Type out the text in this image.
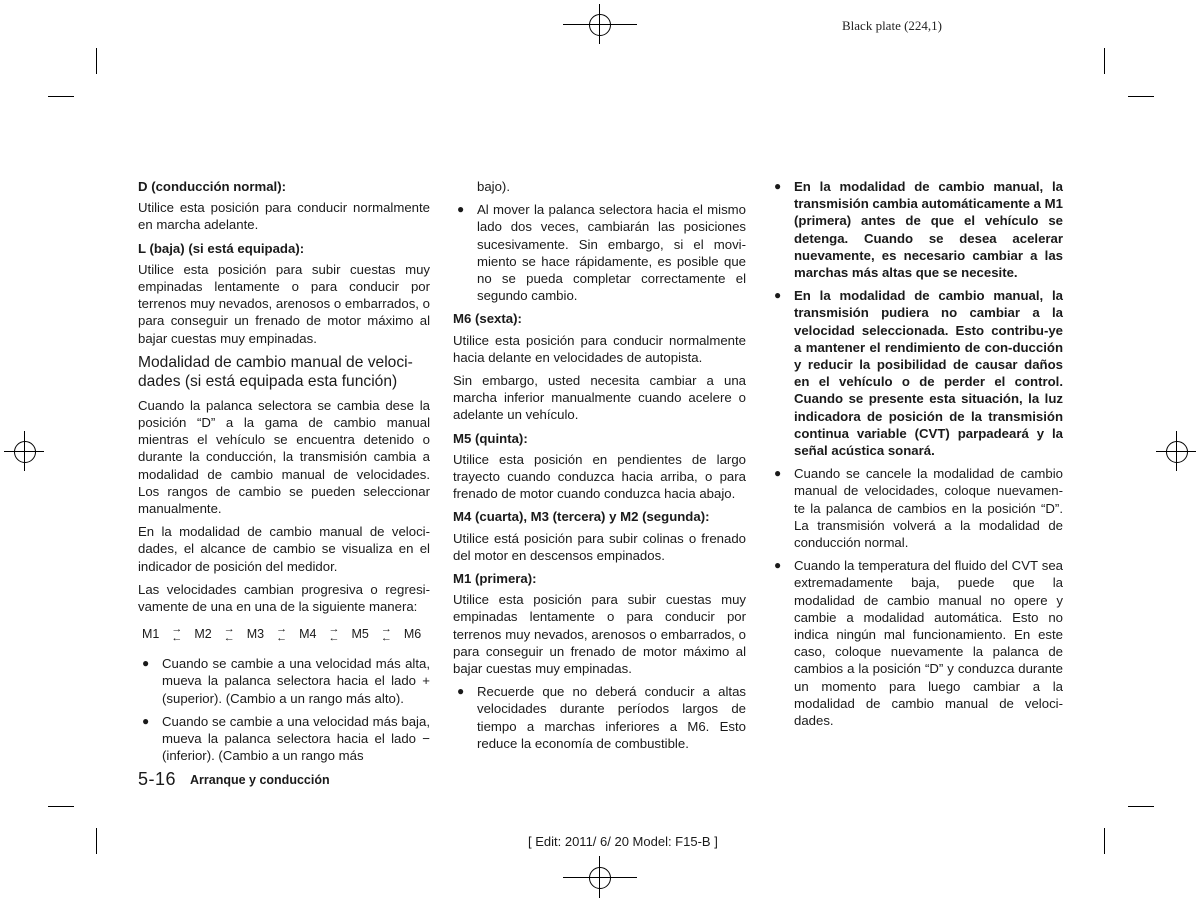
Black plate (224,1)
D (conducción normal):

Utilice esta posición para conducir normalmente en marcha adelante.

L (baja) (si está equipada):

Utilice esta posición para subir cuestas muy empinadas lentamente o para conducir por terrenos muy nevados, arenosos o embarrados, o para conseguir un frenado de motor máximo al bajar cuestas muy empinadas.

Modalidad de cambio manual de veloci-dades (si está equipada esta función)

Cuando la palanca selectora se cambia dese la posición “D” a la gama de cambio manual mientras el vehículo se encuentra detenido o durante la conducción, la transmisión cambia a modalidad de cambio manual de velocidades. Los rangos de cambio se pueden seleccionar manualmente.

En la modalidad de cambio manual de veloci-dades, el alcance de cambio se visualiza en el indicador de posición del medidor.

Las velocidades cambian progresiva o regresi-vamente de una en una de la siguiente manera:

M1 →
← M2 →
← M3 →
← M4 →
← M5 →
← M6
● Cuando se cambie a una velocidad más alta, mueva la palanca selectora hacia el lado + (superior). (Cambio a un rango más alto).
● Cuando se cambie a una velocidad más baja, mueva la palanca selectora hacia el lado − (inferior). (Cambio a un rango más

bajo).

● Al mover la palanca selectora hacia el mismo lado dos veces, cambiarán las posiciones sucesivamente. Sin embargo, si el movi-miento se hace rápidamente, es posible que no se pueda completar correctamente el segundo cambio.
M6 (sexta):

Utilice esta posición para conducir normalmente hacia delante en velocidades de autopista.

Sin embargo, usted necesita cambiar a una marcha inferior manualmente cuando acelere o adelante un vehículo.

M5 (quinta):

Utilice esta posición en pendientes de largo trayecto cuando conduzca hacia arriba, o para frenado de motor cuando conduzca hacia abajo.

M4 (cuarta), M3 (tercera) y M2 (segunda):

Utilice está posición para subir colinas o frenado del motor en descensos empinados.

M1 (primera):

Utilice esta posición para subir cuestas muy empinadas lentamente o para conducir por terrenos muy nevados, arenosos o embarrados, o para conseguir un frenado de motor máximo al bajar cuestas muy empinadas.

● Recuerde que no deberá conducir a altas velocidades durante períodos largos de tiempo a marchas inferiores a M6. Esto reduce la economía de combustible.
● En la modalidad de cambio manual, la transmisión cambia automáticamente a M1 (primera) antes de que el vehículo se detenga. Cuando se desea acelerar nuevamente, es necesario cambiar a las marchas más altas que se necesite.
● En la modalidad de cambio manual, la transmisión pudiera no cambiar a la velocidad seleccionada. Esto contribu-ye a mantener el rendimiento de con-ducción y reducir la posibilidad de causar daños en el vehículo o de perder el control. Cuando se presente esta situación, la luz indicadora de posición de la transmisión continua variable (CVT) parpadeará y la señal acústica sonará.
● Cuando se cancele la modalidad de cambio manual de velocidades, coloque nuevamen-te la palanca de cambios en la posición “D”. La transmisión volverá a la modalidad de conducción normal.
● Cuando la temperatura del fluido del CVT sea extremadamente baja, puede que la modalidad de cambio manual no opere y cambie a modalidad automática. Esto no indica ningún mal funcionamiento. En este caso, coloque nuevamente la palanca de cambios a la posición “D” y conduzca durante un momento para luego cambiar a la modalidad de cambio manual de veloci-dades.
5-16 Arranque y conducción
[ Edit: 2011/ 6/ 20 Model: F15-B ]
